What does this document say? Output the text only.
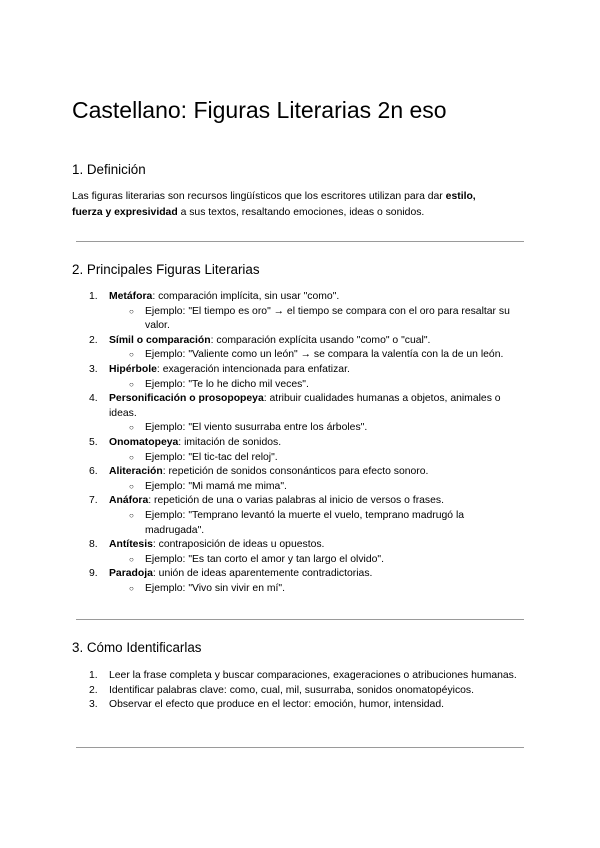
Castellano: Figuras Literarias 2n eso
1. Definición

Las figuras literarias son recursos lingüísticos que los escritores utilizan para dar estilo,
fuerza y expresividad a sus textos, resaltando emociones, ideas o sonidos.

2. Principales Figuras Literarias
1. Metáfora: comparación implícita, sin usar "como".
○ Ejemplo: "El tiempo es oro" → el tiempo se compara con el oro para resaltar su valor.
2. Símil o comparación: comparación explícita usando "como" o "cual".
○ Ejemplo: "Valiente como un león" → se compara la valentía con la de un león.
3. Hipérbole: exageración intencionada para enfatizar.
○ Ejemplo: "Te lo he dicho mil veces".
4. Personificación o prosopopeya: atribuir cualidades humanas a objetos, animales o ideas.
○ Ejemplo: "El viento susurraba entre los árboles".
5. Onomatopeya: imitación de sonidos.
○ Ejemplo: "El tic-tac del reloj".
6. Aliteración: repetición de sonidos consonánticos para efecto sonoro.
○ Ejemplo: "Mi mamá me mima".
7. Anáfora: repetición de una o varias palabras al inicio de versos o frases.
○ Ejemplo: "Temprano levantó la muerte el vuelo, temprano madrugó la madrugada".
8. Antítesis: contraposición de ideas u opuestos.
○ Ejemplo: "Es tan corto el amor y tan largo el olvido".
9. Paradoja: unión de ideas aparentemente contradictorias.
○ Ejemplo: "Vivo sin vivir en mí".
3. Cómo Identificarlas
1. Leer la frase completa y buscar comparaciones, exageraciones o atribuciones humanas.
2. Identificar palabras clave: como, cual, mil, susurraba, sonidos onomatopéyicos.
3. Observar el efecto que produce en el lector: emoción, humor, intensidad.
